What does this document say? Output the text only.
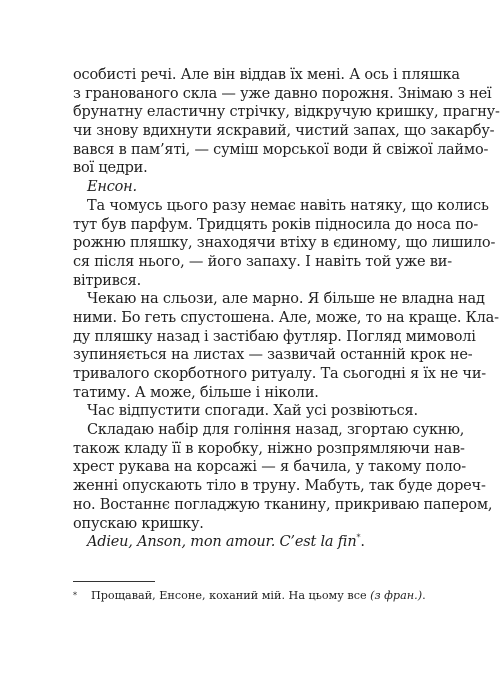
особисті речі. Але він віддав їх мені. А ось і пляшка
з гранованого скла — уже давно порожня. Знімаю з неї
брунатну еластичну стрічку, відкручую кришку, прагну-
чи знову вдихнути яскравий, чистий запах, що закарбу-
вався в пам’яті, — суміш морської води й свіжої лаймо-
вої цедри.
Енсон.
Та чомусь цього разу немає навіть натяку, що колись
тут був парфум. Тридцять років підносила до носа по-
рожню пляшку, знаходячи втіху в єдиному, що лишило-
ся після нього, — його запаху. І навіть той уже ви-
вітрився.
Чекаю на сльози, але марно. Я більше не владна над
ними. Бо геть спустошена. Але, може, то на краще. Кла-
ду пляшку назад і застібаю футляр. Погляд мимоволі
зупиняється на листах — зазвичай останній крок не-
тривалого скорботного ритуалу. Та сьогодні я їх не чи-
татиму. А може, більше і ніколи.
Час відпустити спогади. Хай усі розвіються.
Складаю набір для гоління назад, згортаю сукню,
також кладу її в коробку, ніжно розпрямляючи нав-
хрест рукава на корсажі — я бачила, у такому поло-
женні опускають тіло в труну. Мабуть, так буде дореч-
но. Востаннє погладжую тканину, прикриваю папером,
опускаю кришку.
Adieu, Anson, mon amour. C’est la fin*.
* Прощавай, Енсоне, коханий мій. На цьому все (з фран.).
